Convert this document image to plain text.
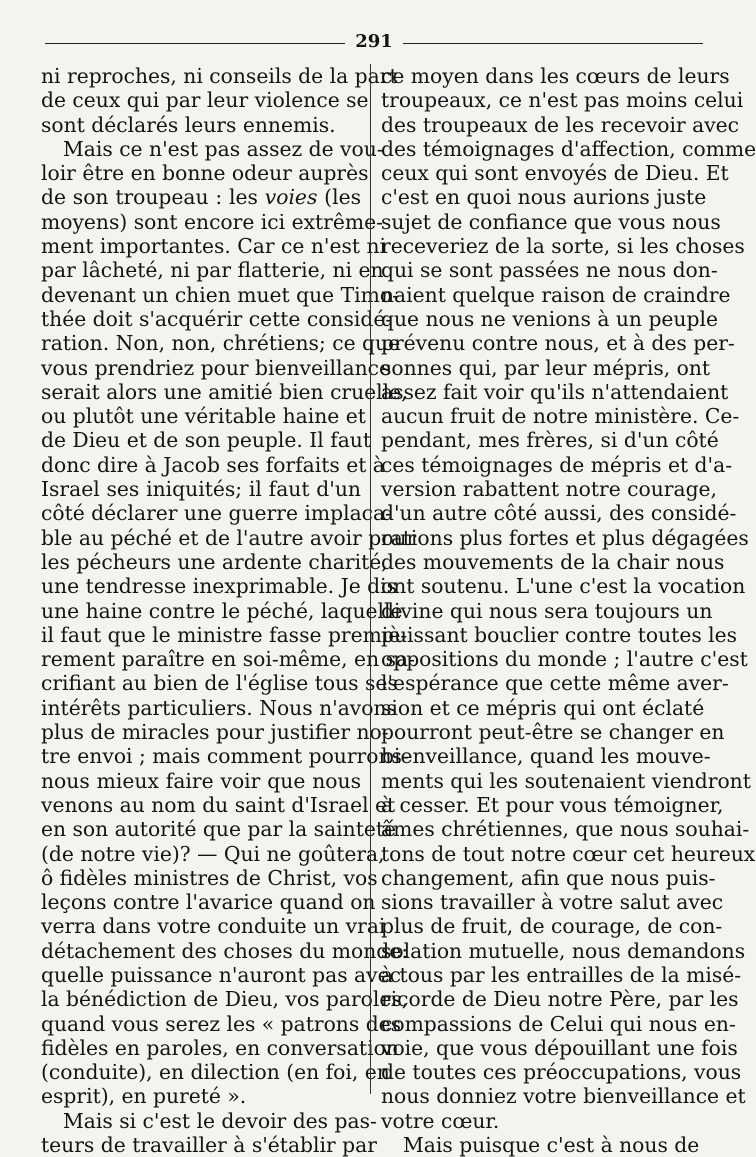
291
ni reproches, ni conseils de la part
de ceux qui par leur violence se
sont déclarés leurs ennemis.
Mais ce n'est pas assez de vou-
loir être en bonne odeur auprès
de son troupeau : les voies (les
moyens) sont encore ici extrême-
ment importantes. Car ce n'est ni
par lâcheté, ni par flatterie, ni en
devenant un chien muet que Timo-
thée doit s'acquérir cette considé-
ration. Non, non, chrétiens; ce que
vous prendriez pour bienveillance
serait alors une amitié bien cruelle,
ou plutôt une véritable haine et
de Dieu et de son peuple. Il faut
donc dire à Jacob ses forfaits et à
Israel ses iniquités; il faut d'un
côté déclarer une guerre implaca-
ble au péché et de l'autre avoir pour
les pécheurs une ardente charité,
une tendresse inexprimable. Je dis
une haine contre le péché, laquelle
il faut que le ministre fasse premiè-
rement paraître en soi-même, en sa-
crifiant au bien de l'église tous ses
intérêts particuliers. Nous n'avons
plus de miracles pour justifier no-
tre envoi ; mais comment pourrons-
nous mieux faire voir que nous
venons au nom du saint d'Israel et
en son autorité que par la sainteté
(de notre vie)? — Qui ne goûtera,
ô fidèles ministres de Christ, vos
leçons contre l'avarice quand on
verra dans votre conduite un vrai
détachement des choses du monde:
quelle puissance n'auront pas avec
la bénédiction de Dieu, vos paroles,
quand vous serez les « patrons des
fidèles en paroles, en conversation
(conduite), en dilection (en foi, en
esprit), en pureté ».
Mais si c'est le devoir des pas-
teurs de travailler à s'établir par
ce moyen dans les cœurs de leurs
troupeaux, ce n'est pas moins celui
des troupeaux de les recevoir avec
des témoignages d'affection, comme
ceux qui sont envoyés de Dieu. Et
c'est en quoi nous aurions juste
sujet de confiance que vous nous
receveriez de la sorte, si les choses
qui se sont passées ne nous don-
naient quelque raison de craindre
que nous ne venions à un peuple
prévenu contre nous, et à des per-
sonnes qui, par leur mépris, ont
assez fait voir qu'ils n'attendaient
aucun fruit de notre ministère. Ce-
pendant, mes frères, si d'un côté
ces témoignages de mépris et d'a-
version rabattent notre courage,
d'un autre côté aussi, des considé-
rations plus fortes et plus dégagées
des mouvements de la chair nous
ont soutenu. L'une c'est la vocation
divine qui nous sera toujours un
puissant bouclier contre toutes les
oppositions du monde ; l'autre c'est
l'espérance que cette même aver-
sion et ce mépris qui ont éclaté
pourront peut-être se changer en
bienveillance, quand les mouve-
ments qui les soutenaient viendront
à cesser. Et pour vous témoigner,
âmes chrétiennes, que nous souhai-
tons de tout notre cœur cet heureux
changement, afin que nous puis-
sions travailler à votre salut avec
plus de fruit, de courage, de con-
solation mutuelle, nous demandons
à tous par les entrailles de la misé-
ricorde de Dieu notre Père, par les
compassions de Celui qui nous en-
voie, que vous dépouillant une fois
de toutes ces préoccupations, vous
nous donniez votre bienveillance et
votre cœur.
Mais puisque c'est à nous de
